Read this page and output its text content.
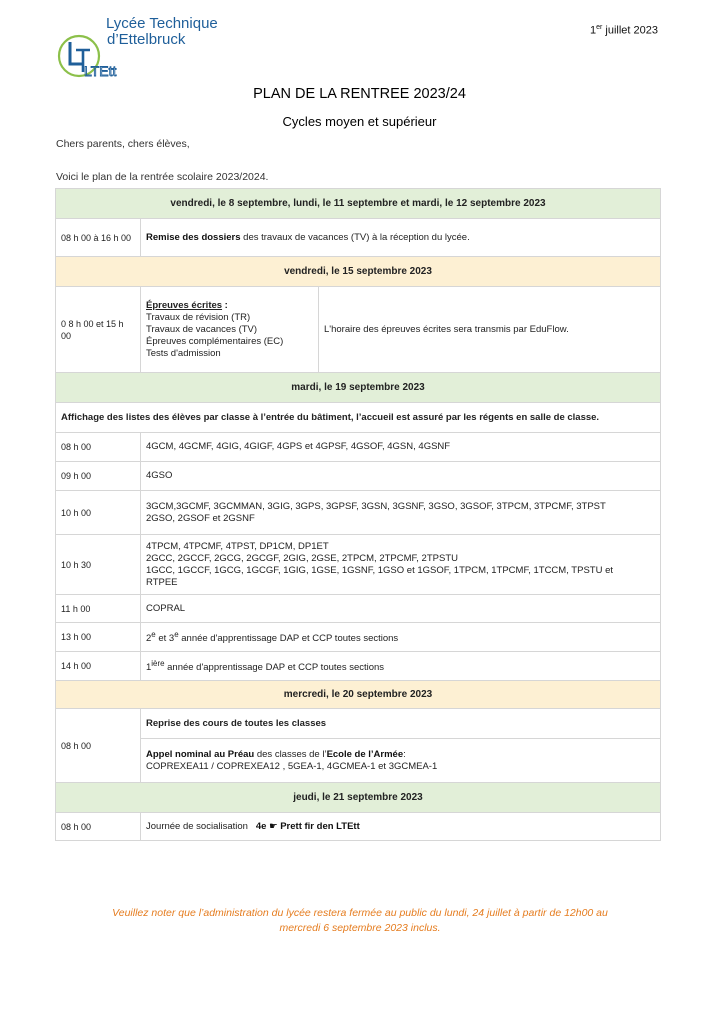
1er juillet 2023
LTEtt
Lycée Technique
d’Ettelbruck
PLAN DE LA RENTREE 2023/24
Cycles moyen et supérieur
Chers parents, chers élèves,
Voici le plan de la rentrée scolaire 2023/2024.
vendredi, le 8 septembre, lundi, le 11 septembre et mardi, le 12 septembre 2023		
08 h 00 à 16 h 00	Remise des dossiers des travaux de vacances (TV) à la réception du lycée.	
vendredi, le 15 septembre 2023		
0 8 h 00 et 15 h 00	Épreuves écrites :
Travaux de révision (TR)
Travaux de vacances (TV)
Épreuves complémentaires (EC)
Tests d'admission	L'horaire des épreuves écrites sera transmis par EduFlow.
mardi, le 19 septembre 2023		
Affichage des listes des élèves par classe à l’entrée du bâtiment, l’accueil est assuré par les régents en salle de classe.		
08 h 00	4GCM, 4GCMF, 4GIG, 4GIGF, 4GPS et 4GPSF, 4GSOF, 4GSN, 4GSNF	
09 h 00	4GSO	
10 h 00	3GCM,3GCMF, 3GCMMAN, 3GIG, 3GPS, 3GPSF, 3GSN, 3GSNF, 3GSO, 3GSOF, 3TPCM, 3TPCMF, 3TPST
2GSO, 2GSOF et 2GSNF	

10 h 30	4TPCM, 4TPCMF, 4TPST, DP1CM, DP1ET
2GCC, 2GCCF, 2GCG, 2GCGF, 2GIG, 2GSE, 2TPCM, 2TPCMF, 2TPSTU
1GCC, 1GCCF, 1GCG, 1GCGF, 1GIG, 1GSE, 1GSNF, 1GSO et 1GSOF, 1TPCM, 1TPCMF, 1TCCM, TPSTU et
RTPEE	

11 h 00	COPRAL	
13 h 00	2e et 3e année d'apprentissage DAP et CCP toutes sections	
14 h 00	$1^{ière}$ année d'apprentissage DAP et CCP toutes sections	
mercredi, le 20 septembre 2023		
08 h 00	Reprise des cours de toutes les classes	

	Appel nominal au Préau des classes de l’Ecole de l’Armée:
COPREXEA11 / COPREXEA12 , 5GEA-1, 4GCMEA-1 et 3GCMEA-1	

jeudi, le 21 septembre 2023		
08 h 00	Journée de socialisation 4e ☛ Prett fir den LTEtt	
Veuillez noter que l’administration du lycée restera fermée au public du lundi, 24 juillet à partir de 12h00 au
mercredi 6 septembre 2023 inclus.
